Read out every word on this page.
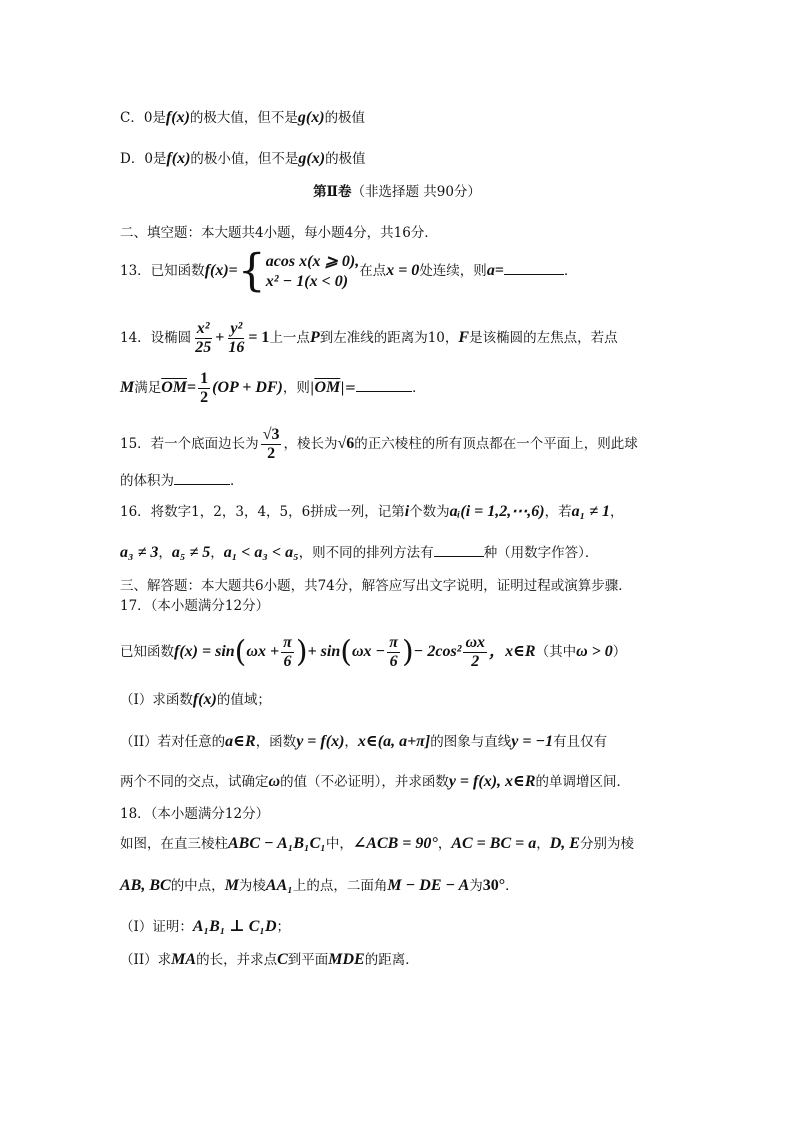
C．0是f(x)的极大值，但不是g(x)的极值
D．0是f(x)的极小值，但不是g(x)的极值
第Ⅱ卷（非选择题 共90分）
二、填空题：本大题共4小题，每小题4分，共16分．
13．已知函数f(x)={ acos x(x ⩾ 0),
x² − 1(x < 0)
在点x = 0处连续，则a=	．
14．设椭圆 $\frac{\text{x²}}{25} + \frac{\text{y²}}{16} = 1$上一点P到左准线的距离为10，F是该椭圆的左焦点，若点
M满足$\overline{OM}= \frac{1}{2} (OP + DF)$，则$|\overline{OM}|=$	．
15．若一个底面边长为 $\frac{√3}{2}$ ，棱长为√6的正六棱柱的所有顶点都在一个平面上，则此球
的体积为	．
16．将数字1，2，3，4，5，6拼成一列，记第i个数为aᵢ(i = 1,2,⋯,6)，若a₁ ≠ 1，
a₃ ≠ 3，a₅ ≠ 5，a₁ < a₃ < a₅，则不同的排列方法有	种（用数字作答）．
三、解答题：本大题共6小题，共74分，解答应写出文字说明，证明过程或演算步骤．
17．（本小题满分12分）
已知函数$f(x) = \sin(\omega x + \frac{\pi}{6}$ )+ $\sin(\omega x - \frac{\pi}{6}$ )− $2\cos^2 \frac{\omega x}{2}$ ，x∈R（其中ω > 0）
（I）求函数f(x)的值域；
（II）若对任意的a∈R，函数y = f(x)，x∈(a, a+π]的图象与直线y = −1有且仅有
两个不同的交点，试确定ω的值（不必证明），并求函数y = f(x), x∈R的单调增区间．
18．（本小题满分12分）
如图，在直三棱柱ABC − A₁B₁C₁中，∠ACB = 90°，AC = BC = a，D, E分别为棱
AB, BC的中点，M为棱AA₁上的点，二面角M − DE − A为30°．
（I）证明：A₁B₁ ⊥ C₁D；
（II）求MA的长，并求点C到平面MDE的距离．
